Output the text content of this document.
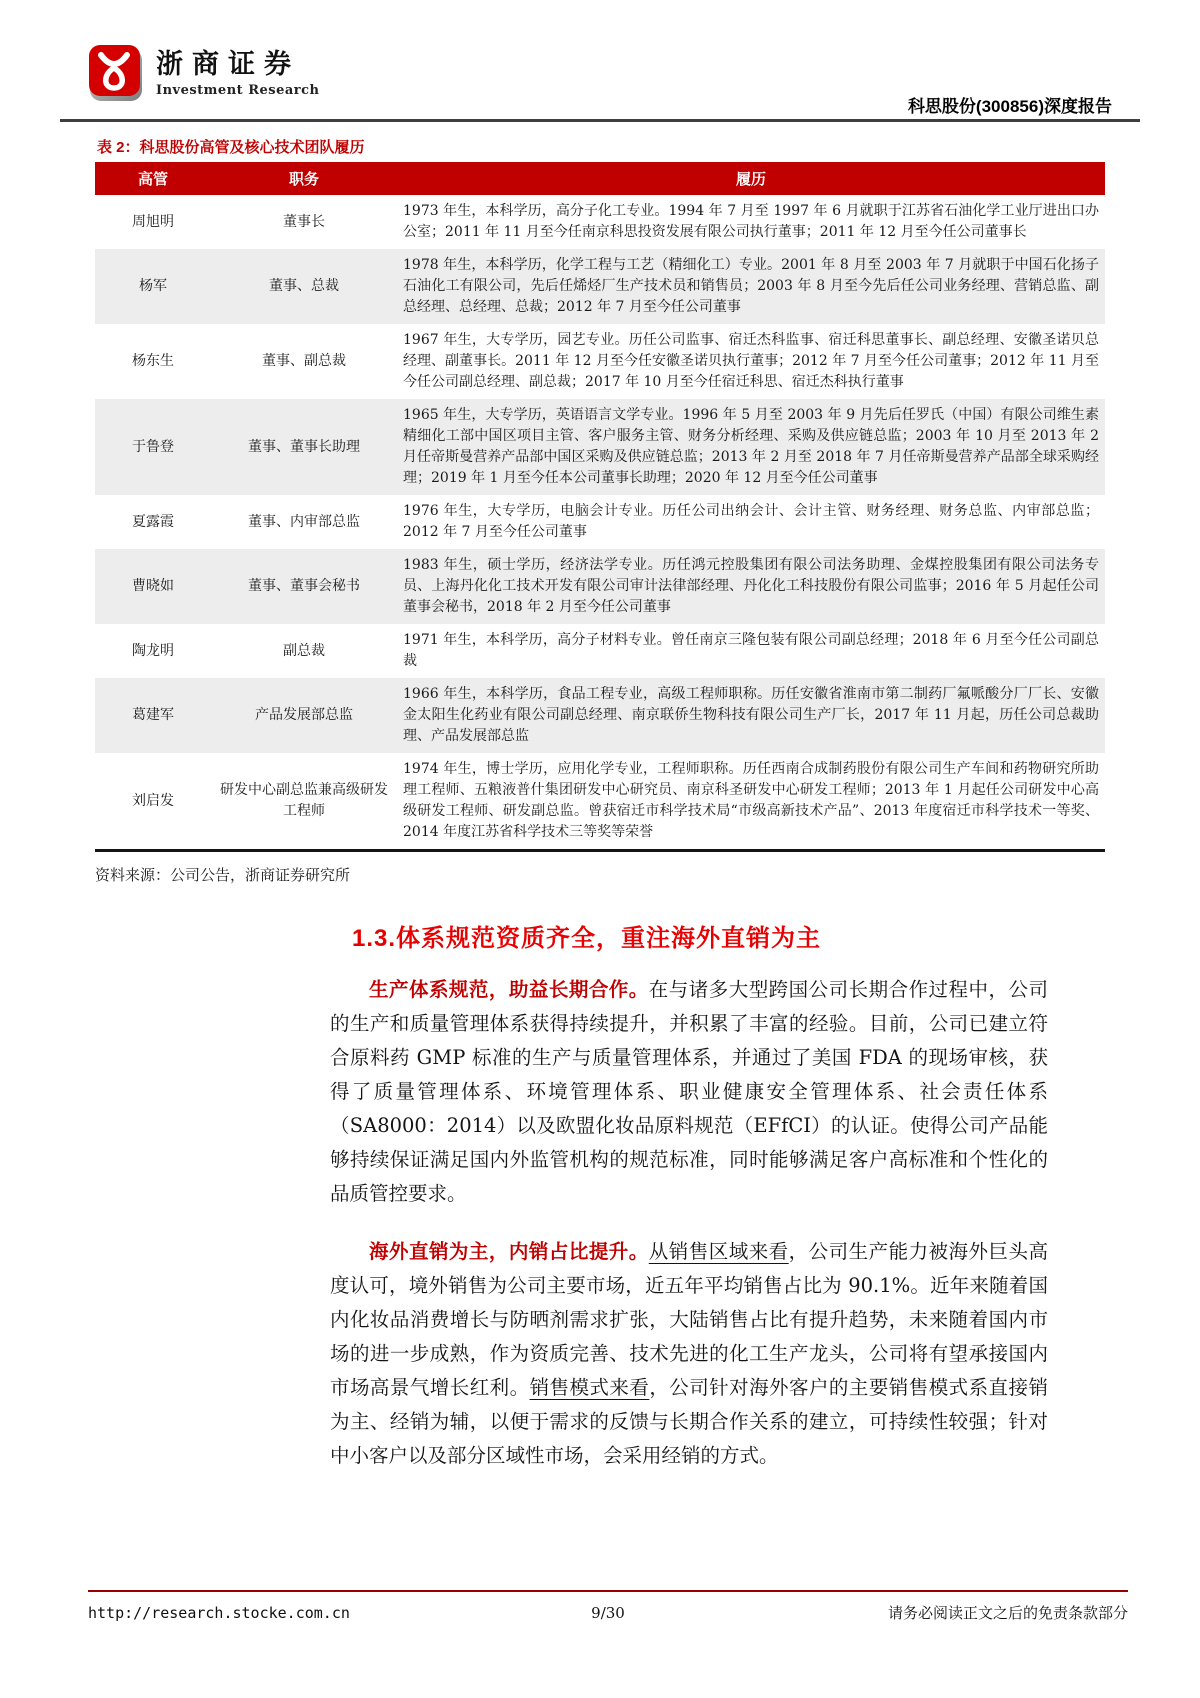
浙商证券
Investment Research
科思股份(300856)深度报告
表 2：科思股份高管及核心技术团队履历
高管	职务	履历
周旭明	董事长	1973 年生，本科学历，高分子化工专业。1994 年 7 月至 1997 年 6 月就职于江苏省石油化学工业厅进出口办公室；2011 年 11 月至今任南京科思投资发展有限公司执行董事；2011 年 12 月至今任公司董事长
杨军	董事、总裁	1978 年生，本科学历，化学工程与工艺（精细化工）专业。2001 年 8 月至 2003 年 7 月就职于中国石化扬子石油化工有限公司，先后任烯烃厂生产技术员和销售员；2003 年 8 月至今先后任公司业务经理、营销总监、副总经理、总经理、总裁；2012 年 7 月至今任公司董事
杨东生	董事、副总裁	1967 年生，大专学历，园艺专业。历任公司监事、宿迁杰科监事、宿迁科思董事长、副总经理、安徽圣诺贝总经理、副董事长。2011 年 12 月至今任安徽圣诺贝执行董事；2012 年 7 月至今任公司董事；2012 年 11 月至今任公司副总经理、副总裁；2017 年 10 月至今任宿迁科思、宿迁杰科执行董事
于鲁登	董事、董事长助理	1965 年生，大专学历，英语语言文学专业。1996 年 5 月至 2003 年 9 月先后任罗氏（中国）有限公司维生素精细化工部中国区项目主管、客户服务主管、财务分析经理、采购及供应链总监；2003 年 10 月至 2013 年 2 月任帝斯曼营养产品部中国区采购及供应链总监；2013 年 2 月至 2018 年 7 月任帝斯曼营养产品部全球采购经理；2019 年 1 月至今任本公司董事长助理；2020 年 12 月至今任公司董事
夏露霞	董事、内审部总监	1976 年生，大专学历，电脑会计专业。历任公司出纳会计、会计主管、财务经理、财务总监、内审部总监；2012 年 7 月至今任公司董事
曹晓如	董事、董事会秘书	1983 年生，硕士学历，经济法学专业。历任鸿元控股集团有限公司法务助理、金煤控股集团有限公司法务专员、上海丹化化工技术开发有限公司审计法律部经理、丹化化工科技股份有限公司监事；2016 年 5 月起任公司董事会秘书，2018 年 2 月至今任公司董事
陶龙明	副总裁	1971 年生，本科学历，高分子材料专业。曾任南京三隆包装有限公司副总经理；2018 年 6 月至今任公司副总裁
葛建军	产品发展部总监	1966 年生，本科学历，食品工程专业，高级工程师职称。历任安徽省淮南市第二制药厂氟哌酸分厂厂长、安徽金太阳生化药业有限公司副总经理、南京联侨生物科技有限公司生产厂长，2017 年 11 月起，历任公司总裁助理、产品发展部总监
刘启发	研发中心副总监兼高级研发工程师	1974 年生，博士学历，应用化学专业，工程师职称。历任西南合成制药股份有限公司生产车间和药物研究所助理工程师、五粮液普什集团研发中心研究员、南京科圣研发中心研发工程师；2013 年 1 月起任公司研发中心高级研发工程师、研发副总监。曾获宿迁市科学技术局“市级高新技术产品”、2013 年度宿迁市科学技术一等奖、2014 年度江苏省科学技术三等奖等荣誉
资料来源：公司公告，浙商证券研究所
1.3.体系规范资质齐全，重注海外直销为主

生产体系规范，助益长期合作。在与诸多大型跨国公司长期合作过程中，公司的生产和质量管理体系获得持续提升，并积累了丰富的经验。目前，公司已建立符合原料药 GMP 标准的生产与质量管理体系，并通过了美国 FDA 的现场审核，获得了质量管理体系、环境管理体系、职业健康安全管理体系、社会责任体系（SA8000：2014）以及欧盟化妆品原料规范（EFfCI）的认证。使得公司产品能够持续保证满足国内外监管机构的规范标准，同时能够满足客户高标准和个性化的品质管控要求。

海外直销为主，内销占比提升。从销售区域来看，公司生产能力被海外巨头高度认可，境外销售为公司主要市场，近五年平均销售占比为 90.1%。近年来随着国内化妆品消费增长与防晒剂需求扩张，大陆销售占比有提升趋势，未来随着国内市场的进一步成熟，作为资质完善、技术先进的化工生产龙头，公司将有望承接国内市场高景气增长红利。销售模式来看，公司针对海外客户的主要销售模式系直接销为主、经销为辅，以便于需求的反馈与长期合作关系的建立，可持续性较强；针对中小客户以及部分区域性市场，会采用经销的方式。

http://research.stocke.com.cn	9/30	请务必阅读正文之后的免责条款部分
